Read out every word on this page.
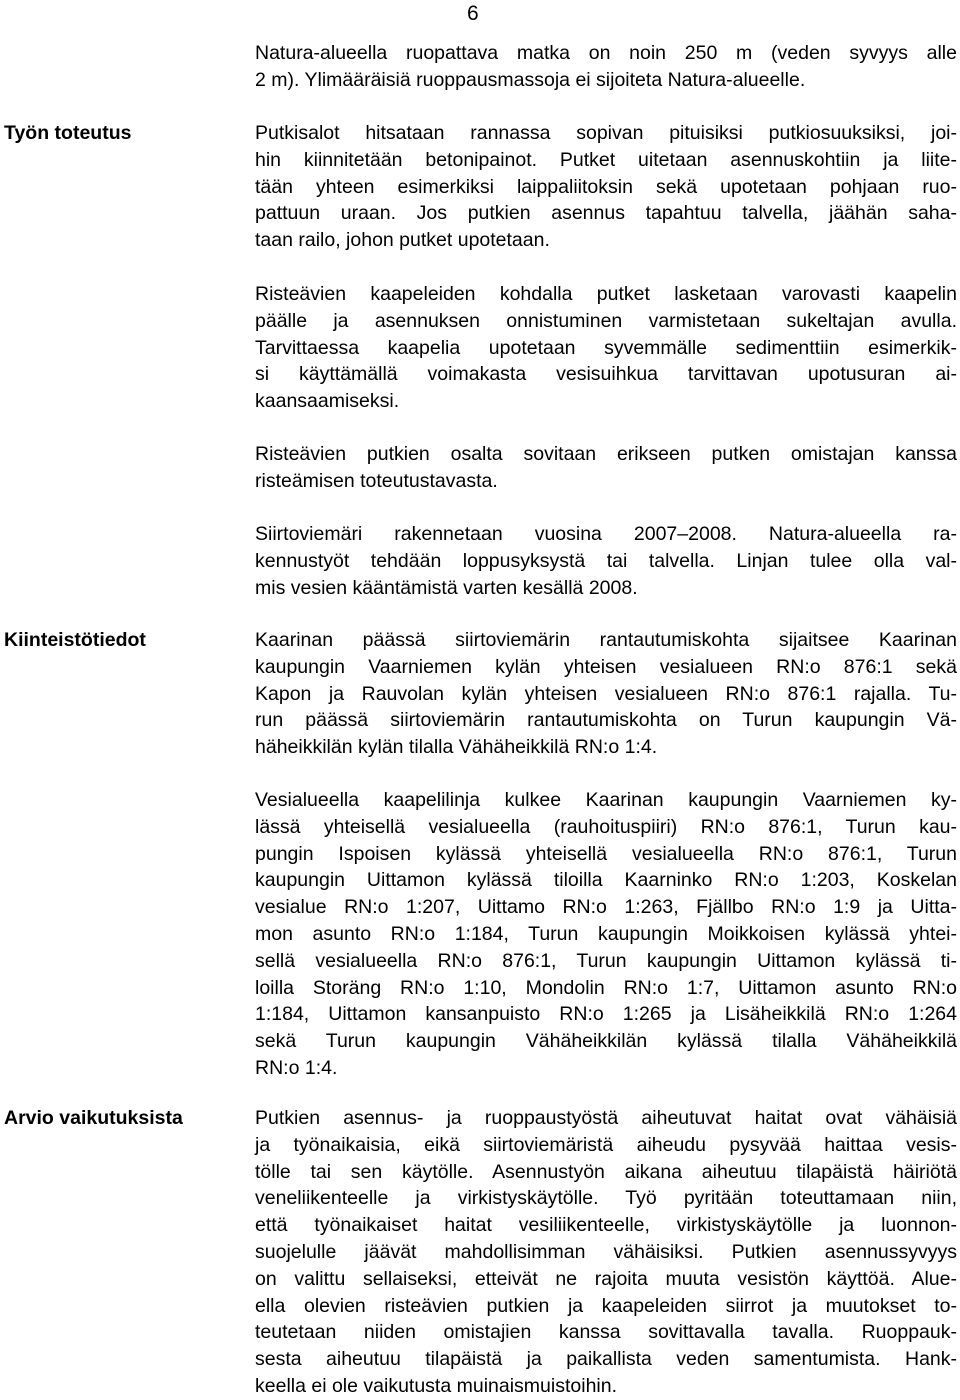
6
Natura-alueella ruopattava matka on noin 250 m (veden syvyys alle
2 m). Ylimääräisiä ruoppausmassoja ei sijoiteta Natura-alueelle.
Työn toteutus	Putkisalot hitsataan rannassa sopivan pituisiksi putkiosuuksiksi, joi-
hin kiinnitetään betonipainot. Putket uitetaan asennuskohtiin ja liite-
tään yhteen esimerkiksi laippaliitoksin sekä upotetaan pohjaan ruo-
pattuun uraan. Jos putkien asennus tapahtuu talvella, jäähän saha-
taan railo, johon putket upotetaan.
Risteävien kaapeleiden kohdalla putket lasketaan varovasti kaapelin
päälle ja asennuksen onnistuminen varmistetaan sukeltajan avulla.
Tarvittaessa kaapelia upotetaan syvemmälle sedimenttiin esimerkik-
si käyttämällä voimakasta vesisuihkua tarvittavan upotusuran ai-
kaansaamiseksi.
Risteävien putkien osalta sovitaan erikseen putken omistajan kanssa
risteämisen toteutustavasta.
Siirtoviemäri rakennetaan vuosina 2007–2008. Natura-alueella ra-
kennustyöt tehdään loppusyksystä tai talvella. Linjan tulee olla val-
mis vesien kääntämistä varten kesällä 2008.
Kiinteistötiedot	Kaarinan päässä siirtoviemärin rantautumiskohta sijaitsee Kaarinan
kaupungin Vaarniemen kylän yhteisen vesialueen RN:o 876:1 sekä
Kapon ja Rauvolan kylän yhteisen vesialueen RN:o 876:1 rajalla. Tu-
run päässä siirtoviemärin rantautumiskohta on Turun kaupungin Vä-
häheikkilän kylän tilalla Vähäheikkilä RN:o 1:4.
Vesialueella kaapelilinja kulkee Kaarinan kaupungin Vaarniemen ky-
lässä yhteisellä vesialueella (rauhoituspiiri) RN:o 876:1, Turun kau-
pungin Ispoisen kylässä yhteisellä vesialueella RN:o 876:1, Turun
kaupungin Uittamon kylässä tiloilla Kaarninko RN:o 1:203, Koskelan
vesialue RN:o 1:207, Uittamo RN:o 1:263, Fjällbo RN:o 1:9 ja Uitta-
mon asunto RN:o 1:184, Turun kaupungin Moikkoisen kylässä yhtei-
sellä vesialueella RN:o 876:1, Turun kaupungin Uittamon kylässä ti-
loilla Storäng RN:o 1:10, Mondolin RN:o 1:7, Uittamon asunto RN:o
1:184, Uittamon kansanpuisto RN:o 1:265 ja Lisäheikkilä RN:o 1:264
sekä Turun kaupungin Vähäheikkilän kylässä tilalla Vähäheikkilä
RN:o 1:4.
Arvio vaikutuksista	Putkien asennus- ja ruoppaustyöstä aiheutuvat haitat ovat vähäisiä
ja työnaikaisia, eikä siirtoviemäristä aiheudu pysyvää haittaa vesis-
tölle tai sen käytölle. Asennustyön aikana aiheutuu tilapäistä häiriötä
veneliikenteelle ja virkistyskäytölle. Työ pyritään toteuttamaan niin,
että työnaikaiset haitat vesiliikenteelle, virkistyskäytölle ja luonnon-
suojelulle jäävät mahdollisimman vähäisiksi. Putkien asennussyvyys
on valittu sellaiseksi, etteivät ne rajoita muuta vesistön käyttöä. Alue-
ella olevien risteävien putkien ja kaapeleiden siirrot ja muutokset to-
teutetaan niiden omistajien kanssa sovittavalla tavalla. Ruoppauk-
sesta aiheutuu tilapäistä ja paikallista veden samentumista. Hank-
keella ei ole vaikutusta muinaismuistoihin.
